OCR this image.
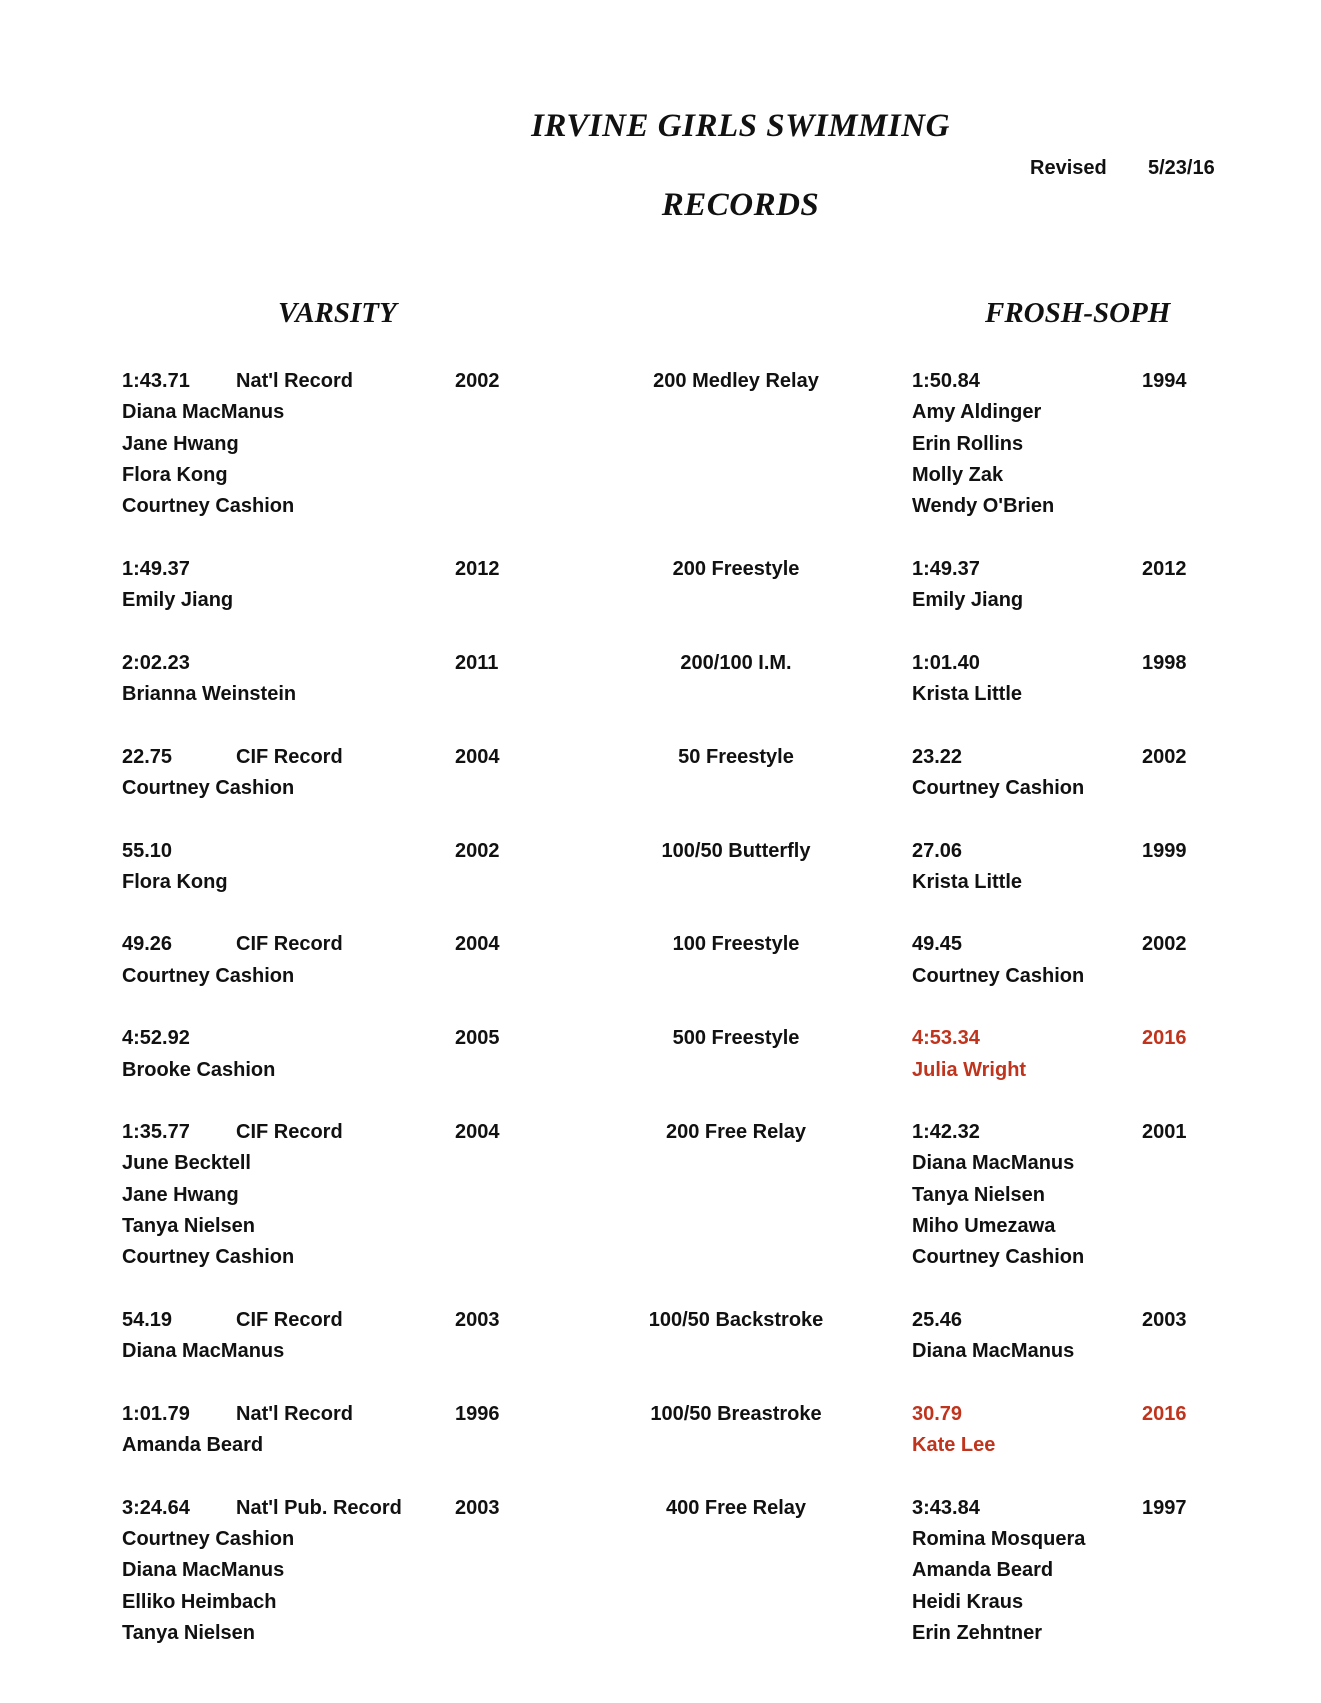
IRVINE GIRLS SWIMMING
Revised 5/23/16
RECORDS
VARSITY	FROSH-SOPH
1:43.71 Nat'l Record	2002	200 Medley Relay	1:50.84	1994
Diana MacManus	Amy Aldinger
Jane Hwang	Erin Rollins
Flora Kong	Molly Zak
Courtney Cashion	Wendy O'Brien
1:49.37	2012	200 Freestyle	1:49.37	2012
Emily Jiang	Emily Jiang
2:02.23	2011	200/100 I.M.	1:01.40	1998
Brianna Weinstein	Krista Little
22.75	CIF Record	2004	50 Freestyle	23.22	2002
Courtney Cashion	Courtney Cashion
55.10	2002	100/50 Butterfly	27.06	1999
Flora Kong	Krista Little
49.26	CIF Record	2004	100 Freestyle	49.45	2002
Courtney Cashion	Courtney Cashion
4:52.92	2005	500 Freestyle	4:53.34	2016
Brooke Cashion	Julia Wright
1:35.77 CIF Record	2004	200 Free Relay	1:42.32	2001
June Becktell	Diana MacManus
Jane Hwang	Tanya Nielsen
Tanya Nielsen	Miho Umezawa
Courtney Cashion	Courtney Cashion
54.19	CIF Record	2003	100/50 Backstroke	25.46	2003
Diana MacManus	Diana MacManus
1:01.79 Nat'l Record	1996	100/50 Breastroke	30.79	2016
Amanda Beard	Kate Lee
3:24.64 Nat'l Pub. Record	2003	400 Free Relay	3:43.84	1997
Courtney Cashion	Romina Mosquera
Diana MacManus	Amanda Beard
Elliko Heimbach	Heidi Kraus
Tanya Nielsen	Erin Zehntner
